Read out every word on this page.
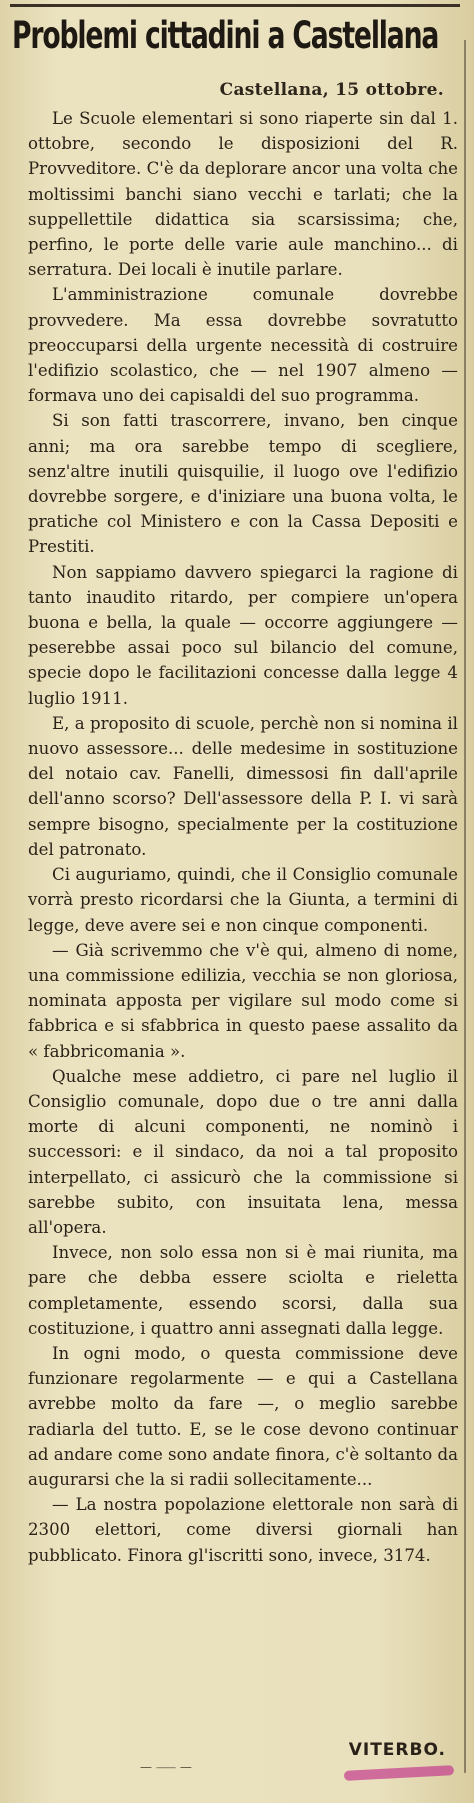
Problemi cittadini a Castellana
Castellana, 15 ottobre.

Le Scuole elementari si sono riaperte sin dal 1. ottobre, secondo le disposizioni del R. Provveditore. C'è da deplorare ancor una volta che moltissimi banchi siano vecchi e tarlati; che la suppellettile didattica sia scarsissima; che, perfino, le porte delle varie aule manchino... di serratura. Dei locali è inutile parlare.

L'amministrazione comunale dovrebbe provvedere. Ma essa dovrebbe sovratutto preoccuparsi della urgente necessità di costruire l'edifizio scolastico, che — nel 1907 almeno — formava uno dei capisaldi del suo programma.

Si son fatti trascorrere, invano, ben cinque anni; ma ora sarebbe tempo di scegliere, senz'altre inutili quisquilie, il luogo ove l'edifizio dovrebbe sorgere, e d'iniziare una buona volta, le pratiche col Ministero e con la Cassa Depositi e Prestiti.

Non sappiamo davvero spiegarci la ragione di tanto inaudito ritardo, per compiere un'opera buona e bella, la quale — occorre aggiungere — peserebbe assai poco sul bilancio del comune, specie dopo le facilitazioni concesse dalla legge 4 luglio 1911.

E, a proposito di scuole, perchè non si nomina il nuovo assessore... delle medesime in sostituzione del notaio cav. Fanelli, dimessosi fin dall'aprile dell'anno scorso? Dell'assessore della P. I. vi sarà sempre bisogno, specialmente per la costituzione del patronato.

Ci auguriamo, quindi, che il Consiglio comunale vorrà presto ricordarsi che la Giunta, a termini di legge, deve avere sei e non cinque componenti.

— Già scrivemmo che v'è qui, almeno di nome, una commissione edilizia, vecchia se non gloriosa, nominata apposta per vigilare sul modo come si fabbrica e si sfabbrica in questo paese assalito da « fabbricomania ».

Qualche mese addietro, ci pare nel luglio il Consiglio comunale, dopo due o tre anni dalla morte di alcuni componenti, ne nominò i successori: e il sindaco, da noi a tal proposito interpellato, ci assicurò che la commissione si sarebbe subito, con insuitata lena, messa all'opera.

Invece, non solo essa non si è mai riunita, ma pare che debba essere sciolta e rieletta completamente, essendo scorsi, dalla sua costituzione, i quattro anni assegnati dalla legge.

In ogni modo, o questa commissione deve funzionare regolarmente — e qui a Castellana avrebbe molto da fare —, o meglio sarebbe radiarla del tutto. E, se le cose devono continuar ad andare come sono andate finora, c'è soltanto da augurarsi che la si radii sollecitamente...

— La nostra popolazione elettorale non sarà di 2300 elettori, come diversi giornali han pubblicato. Finora gl'iscritti sono, invece, 3174.

— ⸺ —
VITERBO.
